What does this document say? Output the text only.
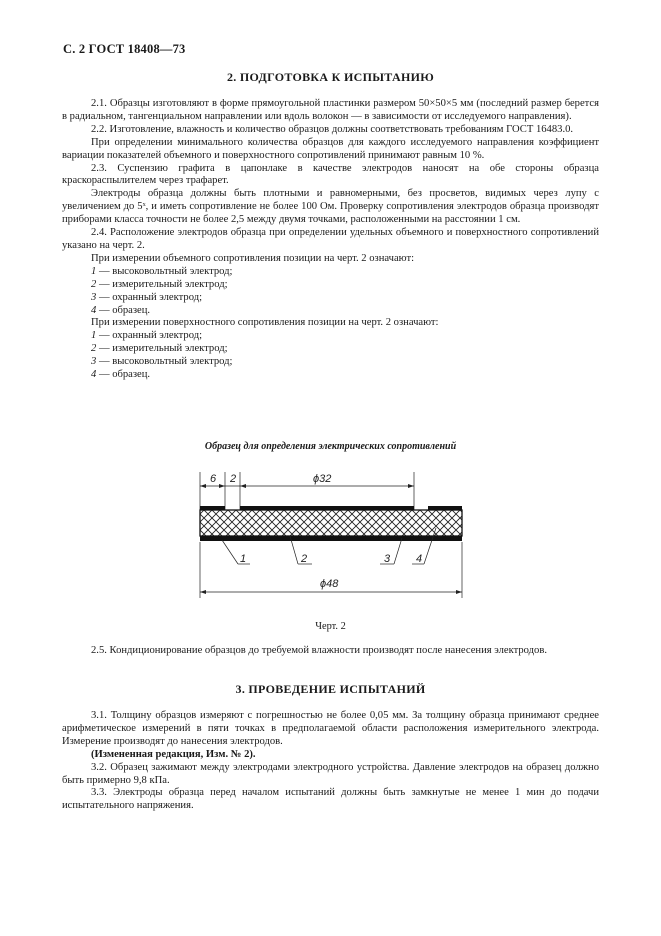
С. 2 ГОСТ 18408—73
2. ПОДГОТОВКА К ИСПЫТАНИЮ

2.1. Образцы изготовляют в форме прямоугольной пластинки размером 50×50×5 мм (последний размер берется в радиальном, тангенциальном направлении или вдоль волокон — в зависимости от исследуемого направления).

2.2. Изготовление, влажность и количество образцов должны соответствовать требованиям ГОСТ 16483.0.

При определении минимального количества образцов для каждого исследуемого направления коэффициент вариации показателей объемного и поверхностного сопротивлений принимают равным 10 %.

2.3. Суспензию графита в цапонлаке в качестве электродов наносят на обе стороны образца краскораспылителем через трафарет.

Электроды образца должны быть плотными и равномерными, без просветов, видимых через лупу с увеличением до 5ˣ, и иметь сопротивление не более 100 Ом. Проверку сопротивления электродов образца производят приборами класса точности не более 2,5 между двумя точками, расположенными на расстоянии 1 см.

2.4. Расположение электродов образца при определении удельных объемного и поверхностного сопротивлений указано на черт. 2.

При измерении объемного сопротивления позиции на черт. 2 означают:

1 — высоковольтный электрод;

2 — измерительный электрод;

3 — охранный электрод;

4 — образец.

При измерении поверхностного сопротивления позиции на черт. 2 означают:

1 — охранный электрод;

2 — измерительный электрод;

3 — высоковольтный электрод;

4 — образец.

Образец для определения электрических сопротивлений
6 2	ϕ32
1	2	3 4
ϕ48
Черт. 2

2.5. Кондиционирование образцов до требуемой влажности производят после нанесения электродов.

3. ПРОВЕДЕНИЕ ИСПЫТАНИЙ

3.1. Толщину образцов измеряют с погрешностью не более 0,05 мм. За толщину образца принимают среднее арифметическое измерений в пяти точках в предполагаемой области расположения измерительного электрода. Измерение производят до нанесения электродов.

(Измененная редакция, Изм. № 2).

3.2. Образец зажимают между электродами электродного устройства. Давление электродов на образец должно быть примерно 9,8 кПа.

3.3. Электроды образца перед началом испытаний должны быть замкнутые не менее 1 мин до подачи испытательного напряжения.
